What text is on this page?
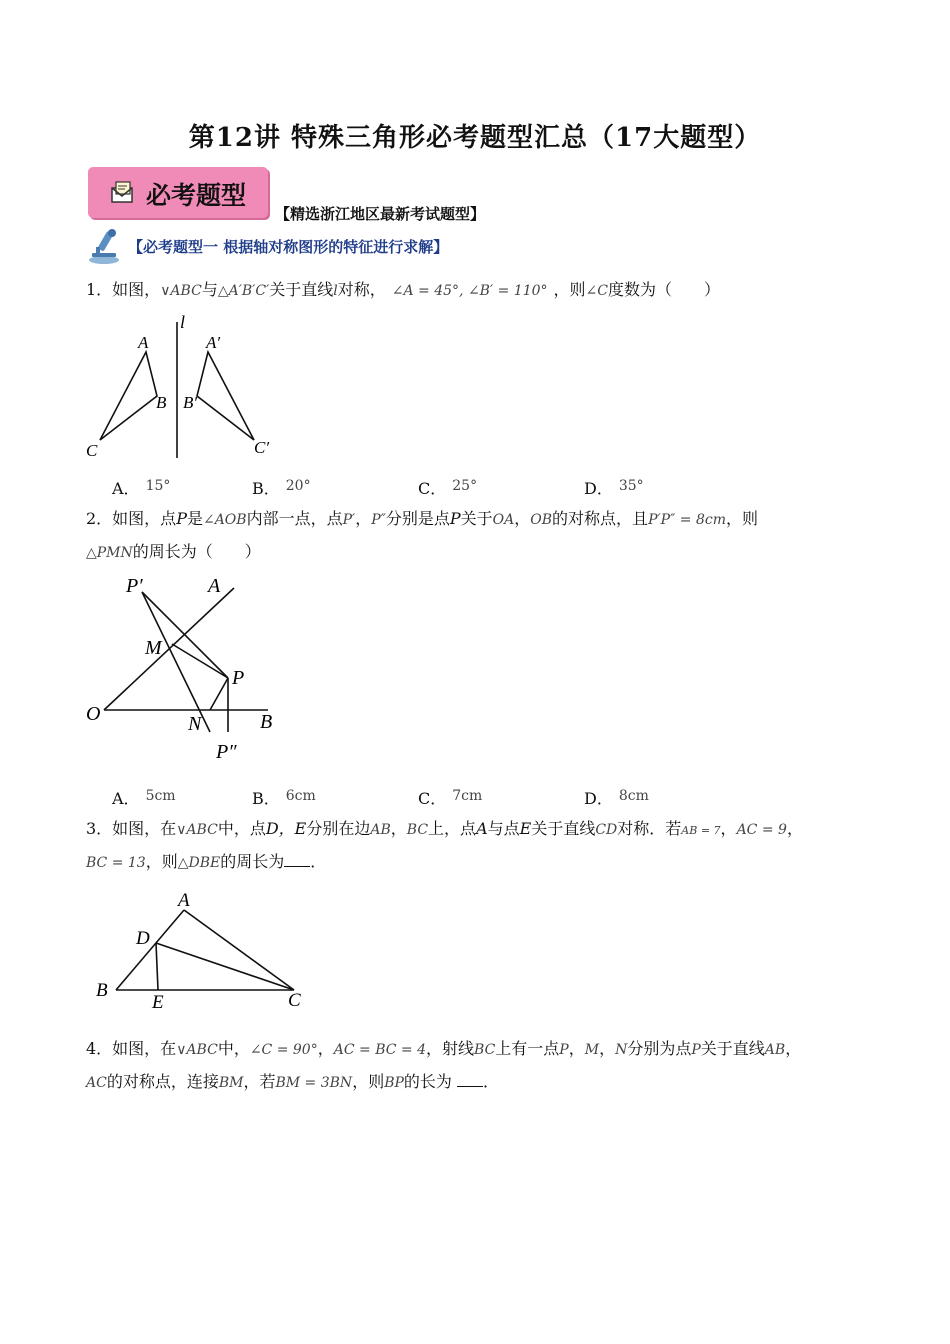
第12讲 特殊三角形必考题型汇总（17大题型）
必考题型
【精选浙江地区最新考试题型】
【必考题型一 根据轴对称图形的特征进行求解】
1．如图，∨ABC与△A′B′C′关于直线l对称， ∠A = 45°, ∠B′ = 110° ，则∠C度数为（　　）
l
A
B
C
A′
B′
C′
A． 15°	B． 20°	C． 25°	D． 35°
2．如图，点P是∠AOB内部一点，点P′，P″分别是点P关于OA，OB的对称点，且P′P″ = 8cm，则
△PMN的周长为（　　）
P′	A
M
P
O	N	B
P″
A． 5cm	B． 6cm	C． 7cm	D． 8cm
3．如图，在∨ABC中，点D，E分别在边AB，BC上，点A与点E关于直线CD对称．若AB = 7，AC = 9，
BC = 13，则△DBE的周长为 ．
A
D
B
E	C
4．如图，在∨ABC中，∠C = 90°，AC = BC = 4，射线BC上有一点P，M，N分别为点P关于直线AB，
AC的对称点，连接BM，若BM = 3BN，则BP的长为 ．
